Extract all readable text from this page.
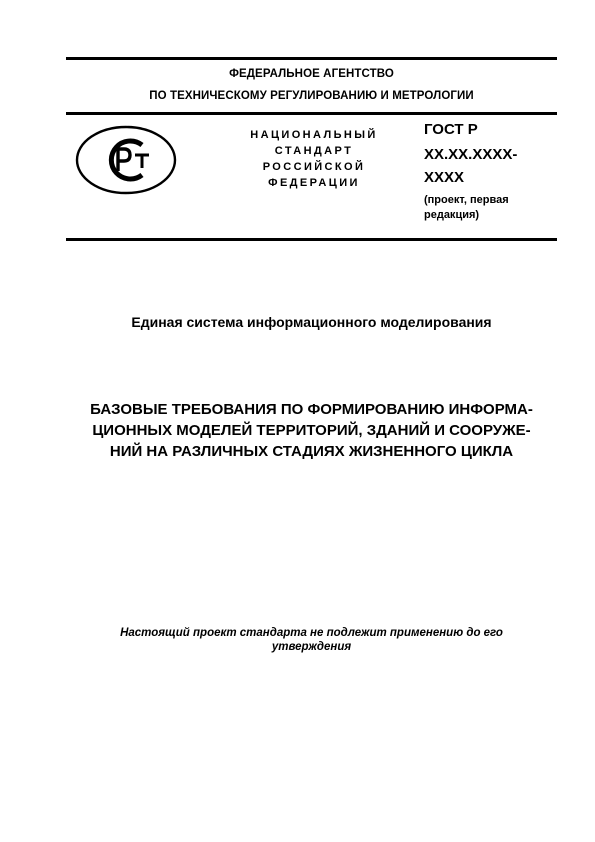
ФЕДЕРАЛЬНОЕ АГЕНТСТВО
ПО ТЕХНИЧЕСКОМУ РЕГУЛИРОВАНИЮ И МЕТРОЛОГИИ
НАЦИОНАЛЬНЫЙ
СТАНДАРТ
РОССИЙСКОЙ
ФЕДЕРАЦИИ
ГОСТ Р
XX.XX.XXXX-
XXXX
(проект, первая
редакция)
Единая система информационного моделирования
БАЗОВЫЕ ТРЕБОВАНИЯ ПО ФОРМИРОВАНИЮ ИНФОРМА-
ЦИОННЫХ МОДЕЛЕЙ ТЕРРИТОРИЙ, ЗДАНИЙ И СООРУЖЕ-
НИЙ НА РАЗЛИЧНЫХ СТАДИЯХ ЖИЗНЕННОГО ЦИКЛА
Настоящий проект стандарта не подлежит применению до его
утверждения
